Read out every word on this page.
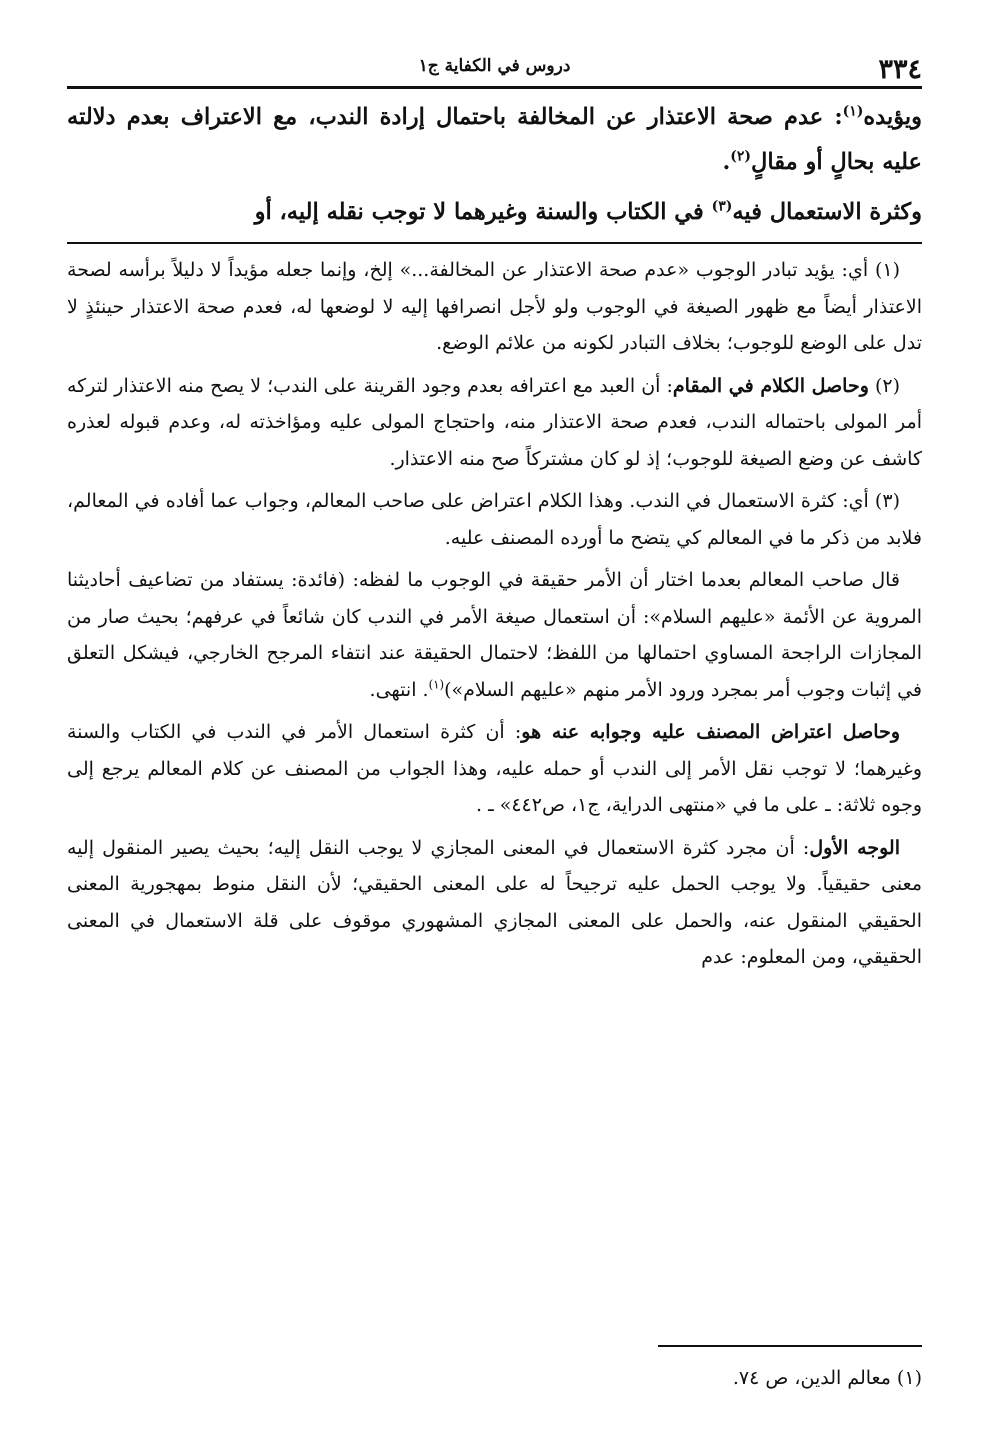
٣٣٤
دروس في الكفاية ج١

ويؤيده$^{(١)}$: عدم صحة الاعتذار عن المخالفة باحتمال إرادة الندب، مع الاعتراف بعدم دلالته عليه بحالٍ أو مقالٍ$^{(٢)}$.

وكثرة الاستعمال فيه$^{(٣)}$ في الكتاب والسنة وغيرهما لا توجب نقله إليه، أو

(١) أي: يؤيد تبادر الوجوب «عدم صحة الاعتذار عن المخالفة...» إلخ، وإنما جعله مؤيداً لا دليلاً برأسه لصحة الاعتذار أيضاً مع ظهور الصيغة في الوجوب ولو لأجل انصرافها إليه لا لوضعها له، فعدم صحة الاعتذار حينئذٍ لا تدل على الوضع للوجوب؛ بخلاف التبادر لكونه من علائم الوضع.

(٢) وحاصل الكلام في المقام: أن العبد مع اعترافه بعدم وجود القرينة على الندب؛ لا يصح منه الاعتذار لتركه أمر المولى باحتماله الندب، فعدم صحة الاعتذار منه، واحتجاج المولى عليه ومؤاخذته له، وعدم قبوله لعذره كاشف عن وضع الصيغة للوجوب؛ إذ لو كان مشتركاً صح منه الاعتذار.

(٣) أي: كثرة الاستعمال في الندب. وهذا الكلام اعتراض على صاحب المعالم، وجواب عما أفاده في المعالم، فلابد من ذكر ما في المعالم كي يتضح ما أورده المصنف عليه.

قال صاحب المعالم بعدما اختار أن الأمر حقيقة في الوجوب ما لفظه: (فائدة: يستفاد من تضاعيف أحاديثنا المروية عن الأئمة «عليهم السلام»: أن استعمال صيغة الأمر في الندب كان شائعاً في عرفهم؛ بحيث صار من المجازات الراجحة المساوي احتمالها من اللفظ؛ لاحتمال الحقيقة عند انتفاء المرجح الخارجي، فيشكل التعلق في إثبات وجوب أمر بمجرد ورود الأمر منهم «عليهم السلام»)$^{(١)}$. انتهى.

وحاصل اعتراض المصنف عليه وجوابه عنه هو: أن كثرة استعمال الأمر في الندب في الكتاب والسنة وغيرهما؛ لا توجب نقل الأمر إلى الندب أو حمله عليه، وهذا الجواب من المصنف عن كلام المعالم يرجع إلى وجوه ثلاثة: ـ على ما في «منتهى الدراية، ج١، ص٤٤٢» ـ .

الوجه الأول: أن مجرد كثرة الاستعمال في المعنى المجازي لا يوجب النقل إليه؛ بحيث يصير المنقول إليه معنى حقيقياً. ولا يوجب الحمل عليه ترجيحاً له على المعنى الحقيقي؛ لأن النقل منوط بمهجورية المعنى الحقيقي المنقول عنه، والحمل على المعنى المجازي المشهوري موقوف على قلة الاستعمال في المعنى الحقيقي، ومن المعلوم: عدم

(١) معالم الدين، ص ٧٤.
